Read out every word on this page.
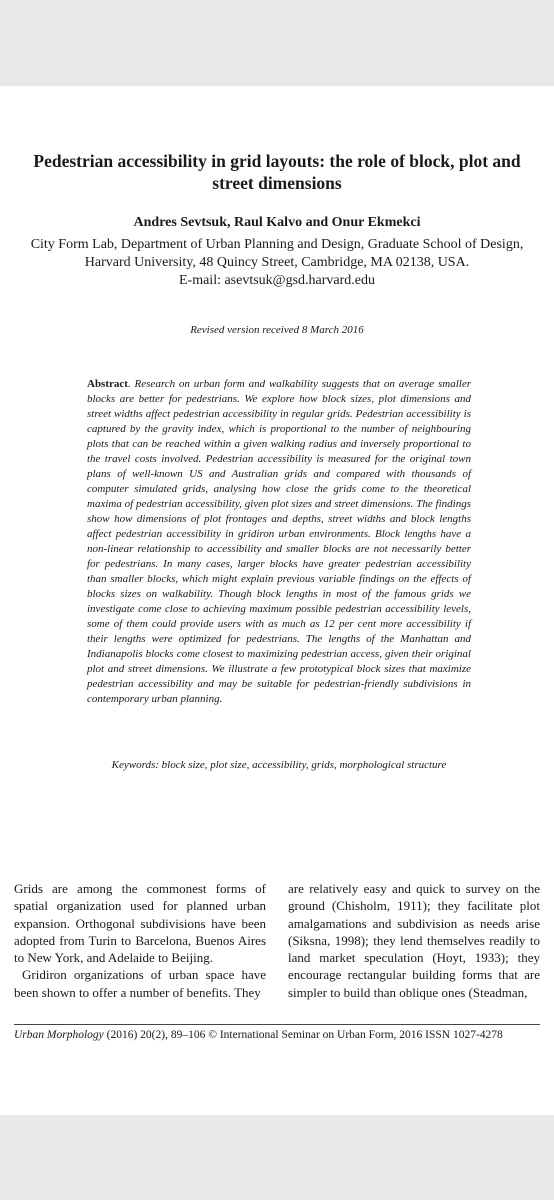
Pedestrian accessibility in grid layouts: the role of block, plot and street dimensions

Andres Sevtsuk, Raul Kalvo and Onur Ekmekci

City Form Lab, Department of Urban Planning and Design, Graduate School of Design,
Harvard University, 48 Quincy Street, Cambridge, MA 02138, USA.
E-mail: asevtsuk@gsd.harvard.edu

Revised version received 8 March 2016

Abstract. Research on urban form and walkability suggests that on average smaller blocks are better for pedestrians. We explore how block sizes, plot dimensions and street widths affect pedestrian accessibility in regular grids. Pedestrian accessibility is captured by the gravity index, which is proportional to the number of neighbouring plots that can be reached within a given walking radius and inversely proportional to the travel costs involved. Pedestrian accessibility is measured for the original town plans of well-known US and Australian grids and compared with thousands of computer simulated grids, analysing how close the grids come to the theoretical maxima of pedestrian accessibility, given plot sizes and street dimensions. The findings show how dimensions of plot frontages and depths, street widths and block lengths affect pedestrian accessibility in gridiron urban environments. Block lengths have a non-linear relationship to accessibility and smaller blocks are not necessarily better for pedestrians. In many cases, larger blocks have greater pedestrian accessibility than smaller blocks, which might explain previous variable findings on the effects of blocks sizes on walkability. Though block lengths in most of the famous grids we investigate come close to achieving maximum possible pedestrian accessibility levels, some of them could provide users with as much as 12 per cent more accessibility if their lengths were optimized for pedestrians. The lengths of the Manhattan and Indianapolis blocks come closest to maximizing pedestrian access, given their original plot and street dimensions. We illustrate a few prototypical block sizes that maximize pedestrian accessibility and may be suitable for pedestrian-friendly subdivisions in contemporary urban planning.

Keywords: block size, plot size, accessibility, grids, morphological structure

Grids are among the commonest forms of spatial organization used for planned urban expansion. Orthogonal subdivisions have been adopted from Turin to Barcelona, Buenos Aires to New York, and Adelaide to Beijing.

Gridiron organizations of urban space have been shown to offer a number of benefits. They

are relatively easy and quick to survey on the ground (Chisholm, 1911); they facilitate plot amalgamations and subdivision as needs arise (Siksna, 1998); they lend themselves readily to land market speculation (Hoyt, 1933); they encourage rectangular building forms that are simpler to build than oblique ones (Steadman,

Urban Morphology (2016) 20(2), 89–106 © International Seminar on Urban Form, 2016 ISSN 1027-4278
